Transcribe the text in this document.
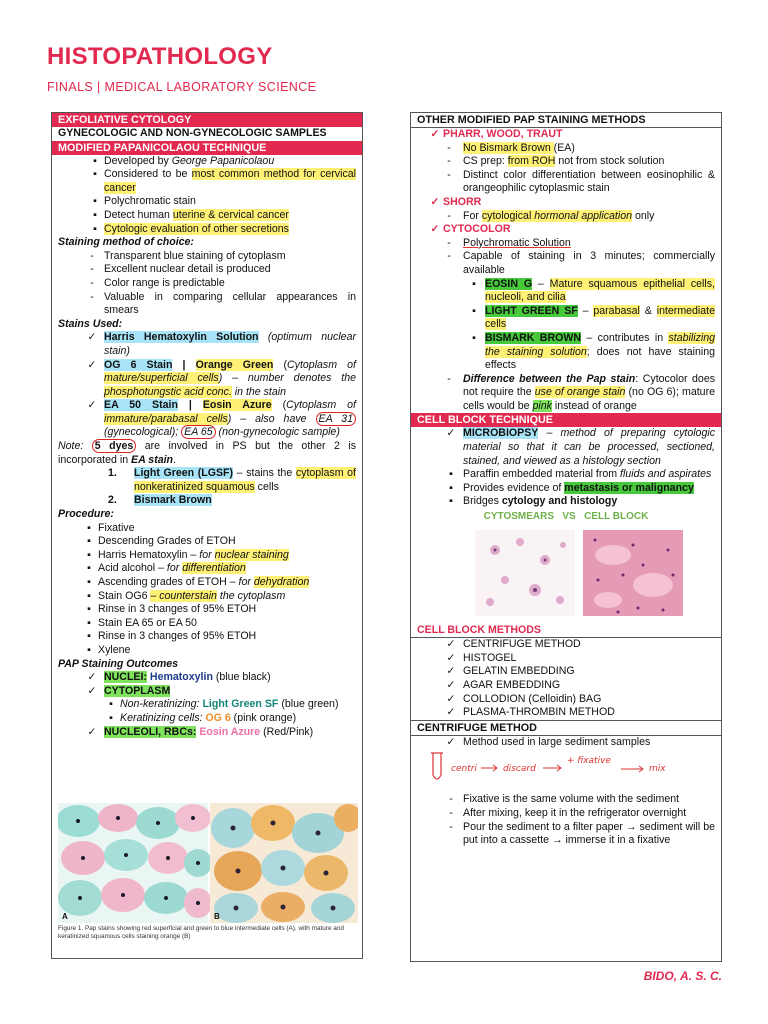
HISTOPATHOLOGY
FINALS | MEDICAL LABORATORY SCIENCE
EXFOLIATIVE CYTOLOGY
GYNECOLOGIC AND NON-GYNECOLOGIC SAMPLES
MODIFIED PAPANICOLAOU TECHNIQUE
▪ Developed by George Papanicolaou
▪ Considered to be most common method for cervical cancer
▪ Polychromatic stain
▪ Detect human uterine & cervical cancer
▪ Cytologic evaluation of other secretions
Staining method of choice:
- Transparent blue staining of cytoplasm
- Excellent nuclear detail is produced
- Color range is predictable
- Valuable in comparing cellular appearances in smears
Stains Used:
✓ Harris Hematoxylin Solution (optimum nuclear stain)
✓ OG 6 Stain | Orange Green (Cytoplasm of mature/superficial cells) – number denotes the phosphotungstic acid conc. in the stain
✓ EA 50 Stain | Eosin Azure (Cytoplasm of immature/parabasal cells) – also have EA 31 (gynecological); EA 65 (non-gynecologic sample)
Note: 5 dyes are involved in PS but the other 2 is incorporated in EA stain.
1.	Light Green (LGSF) – stains the cytoplasm of nonkeratinized squamous cells
2.	Bismark Brown
Procedure:
▪ Fixative
▪ Descending Grades of ETOH
▪ Harris Hematoxylin – for nuclear staining
▪ Acid alcohol – for differentiation
▪ Ascending grades of ETOH – for dehydration
▪ Stain OG6 – counterstain the cytoplasm
▪ Rinse in 3 changes of 95% ETOH
▪ Stain EA 65 or EA 50
▪ Rinse in 3 changes of 95% ETOH
▪ Xylene
PAP Staining Outcomes
✓ NUCLEI: Hematoxylin (blue black)
✓ CYTOPLASM
▪ Non-keratinizing: Light Green SF (blue green)
▪ Keratinizing cells: OG 6 (pink orange)
✓ NUCLEOLI, RBCs: Eosin Azure (Red/Pink)
A	B
Figure 1. Pap stains showing red superficial and green to blue intermediate cells (A), with mature and keratinized squamous cells staining orange (B)
OTHER MODIFIED PAP STAINING METHODS
✓ PHARR, WOOD, TRAUT
-	No Bismark Brown (EA)
-	CS prep: from ROH not from stock solution
-	Distinct color differentiation between eosinophilic & orangeophilic cytoplasmic stain
✓ SHORR
-	For cytological hormonal application only
✓ CYTOCOLOR
-	Polychromatic Solution
-	Capable of staining in 3 minutes; commercially available
▪ EOSIN G – Mature squamous epithelial cells, nucleoli, and cilia
▪ LIGHT GREEN SF – parabasal & intermediate cells
▪ BISMARK BROWN – contributes in stabilizing the staining solution; does not have staining effects
-	Difference between the Pap stain: Cytocolor does not require the use of orange stain (no OG 6); mature cells would be pink instead of orange
CELL BLOCK TECHNIQUE
✓ MICROBIOPSY – method of preparing cytologic material so that it can be processed, sectioned, stained, and viewed as a histology section
▪ Paraffin embedded material from fluids and aspirates
▪ Provides evidence of metastasis or malignancy
▪ Bridges cytology and histology
CYTOSMEARS VS CELL BLOCK
CELL BLOCK METHODS
✓ CENTRIFUGE METHOD
✓ HISTOGEL
✓ GELATIN EMBEDDING
✓ AGAR EMBEDDING
✓ COLLODION (Celloidin) BAG
✓ PLASMA-THROMBIN METHOD
CENTRIFUGE METHOD
✓ Method used in large sediment samples
centri	discard
+ fixative
mix
- Fixative is the same volume with the sediment
- After mixing, keep it in the refrigerator overnight
- Pour the sediment to a filter paper → sediment will be put into a cassette → immerse it in a fixative
BIDO, A. S. C.
